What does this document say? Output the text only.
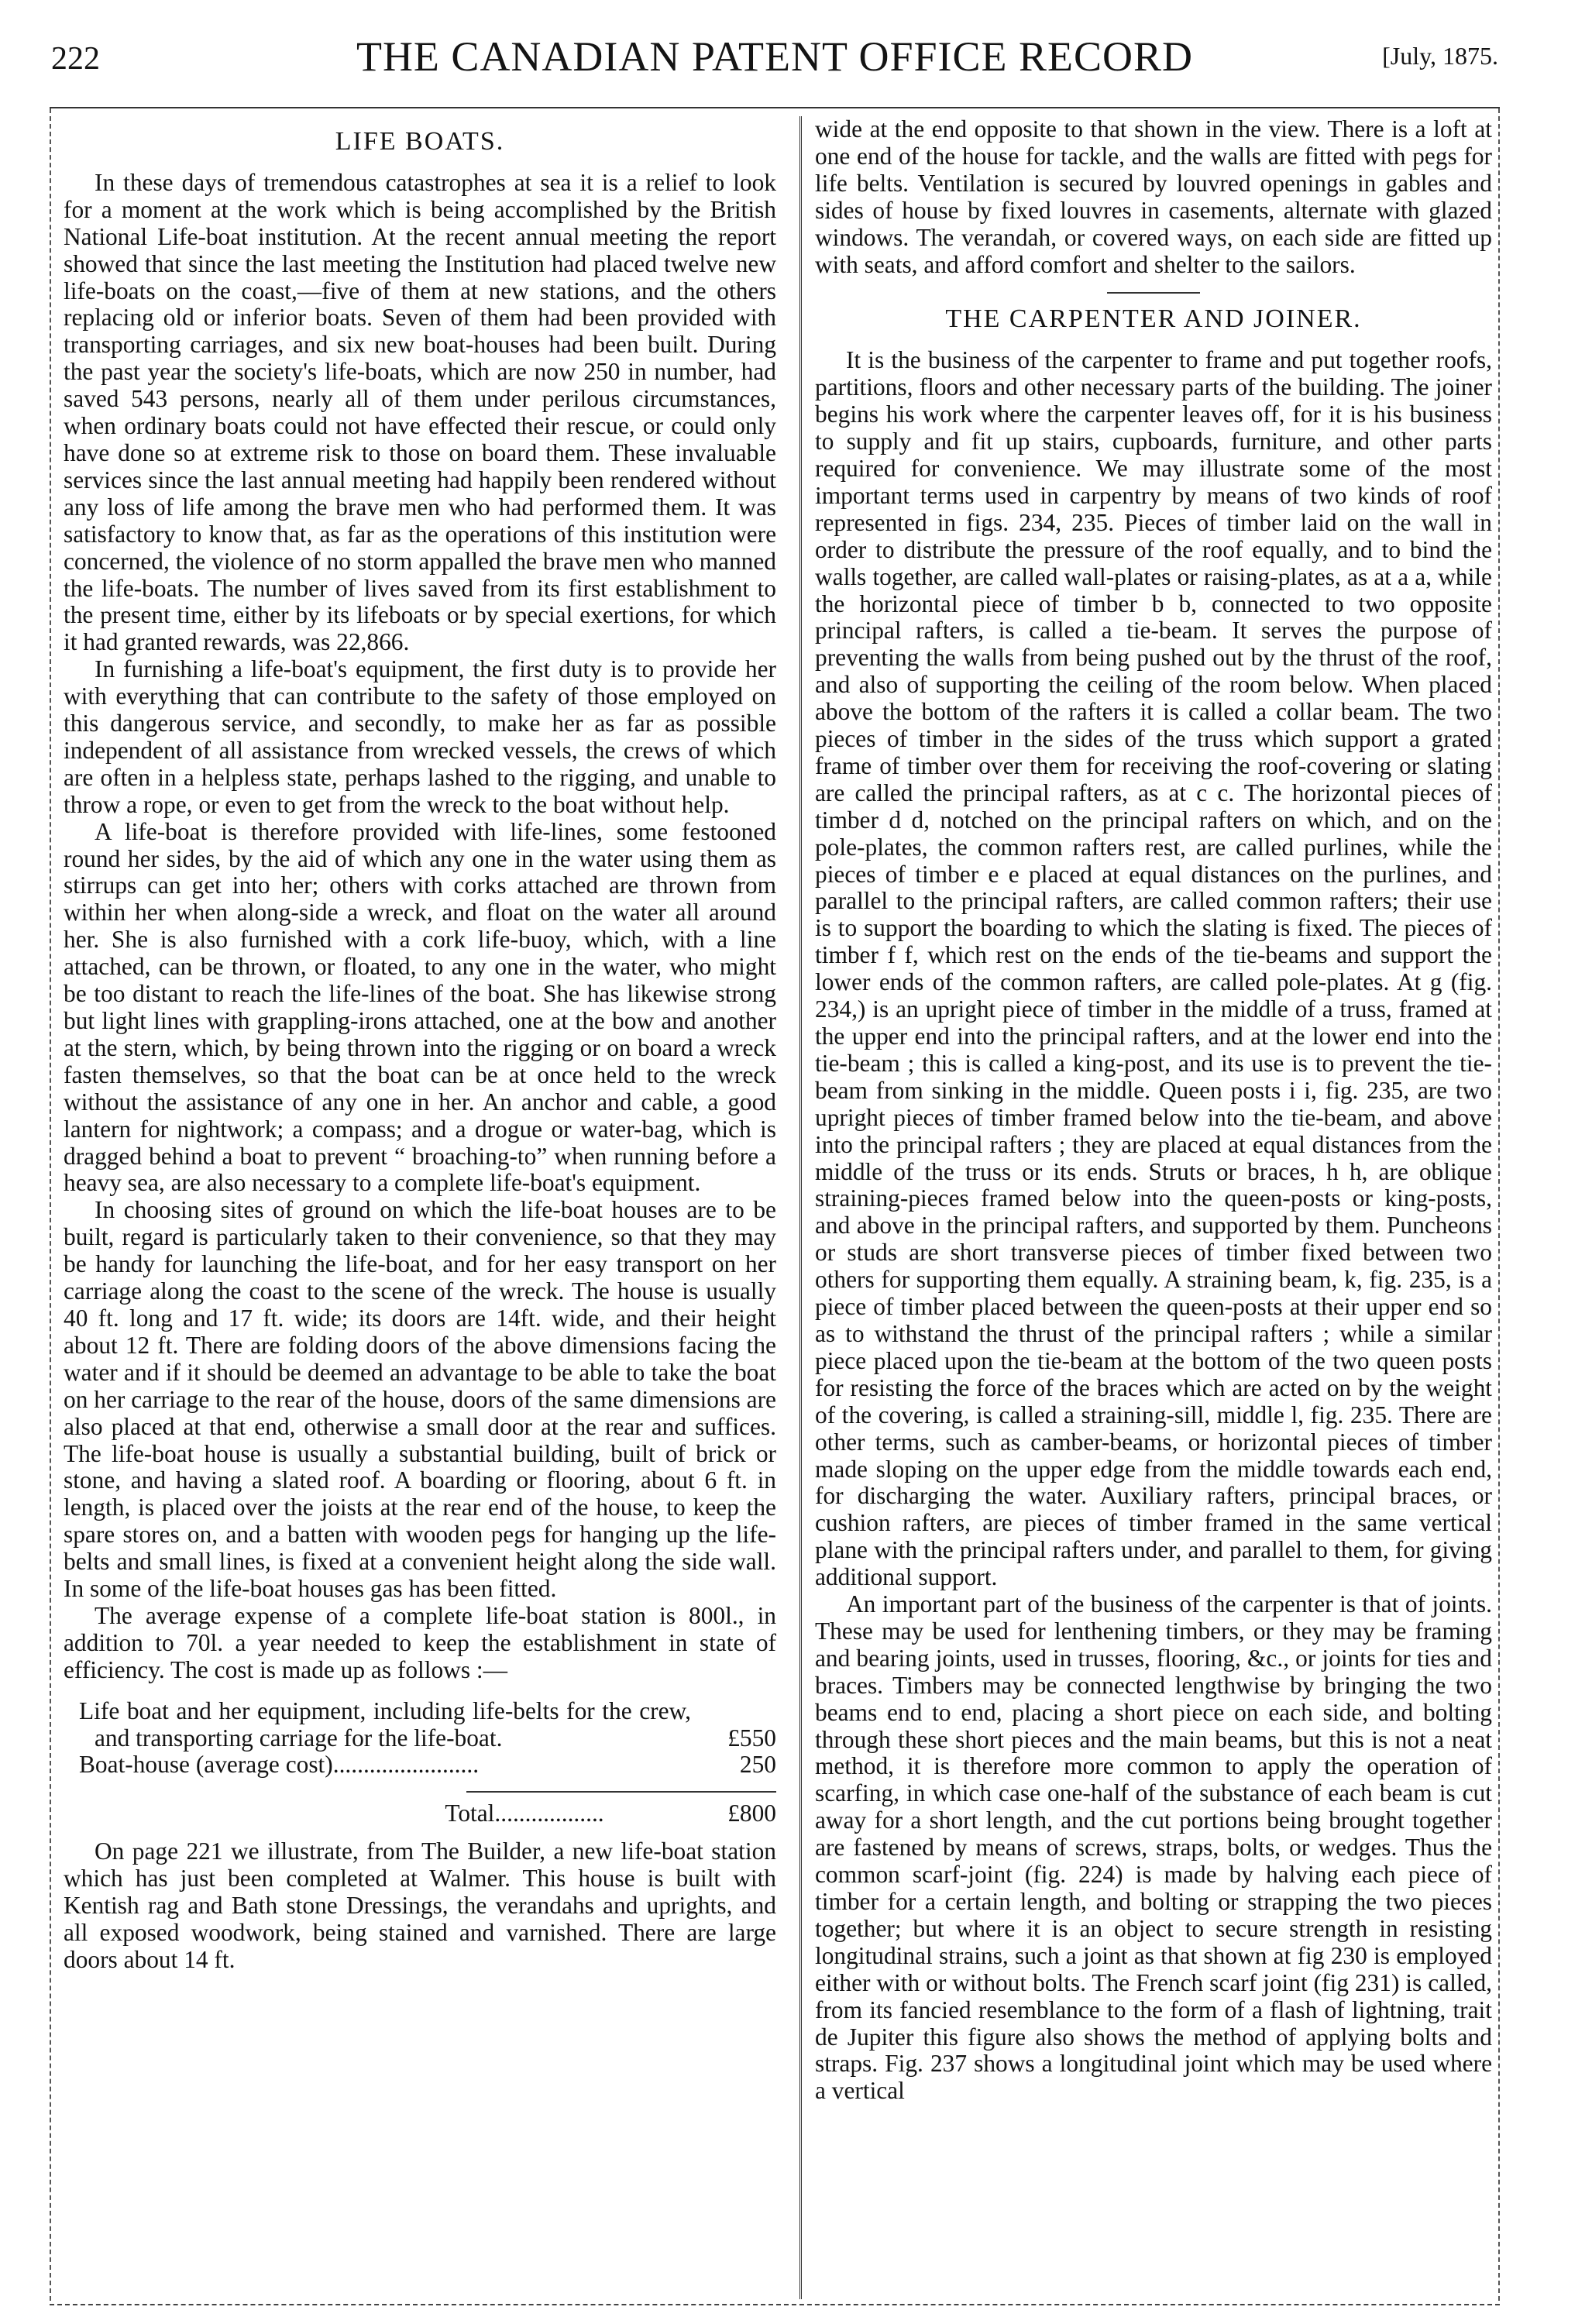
222	THE CANADIAN PATENT OFFICE RECORD	[July, 1875.
LIFE BOATS.

In these days of tremendous catastrophes at sea it is a relief to look for a moment at the work which is being accomplished by the British National Life-boat institution. At the recent annual meeting the report showed that since the last meeting the Institution had placed twelve new life-boats on the coast,—five of them at new stations, and the others replacing old or inferior boats. Seven of them had been provided with transporting carriages, and six new boat-houses had been built. During the past year the society's life-boats, which are now 250 in number, had saved 543 persons, nearly all of them under perilous circumstances, when ordinary boats could not have effected their rescue, or could only have done so at extreme risk to those on board them. These invaluable services since the last annual meeting had happily been rendered without any loss of life among the brave men who had performed them. It was satisfactory to know that, as far as the operations of this institution were concerned, the violence of no storm appalled the brave men who manned the life-boats. The number of lives saved from its first establishment to the present time, either by its lifeboats or by special exertions, for which it had granted rewards, was 22,866.

In furnishing a life-boat's equipment, the first duty is to provide her with everything that can contribute to the safety of those employed on this dangerous service, and secondly, to make her as far as possible independent of all assistance from wrecked vessels, the crews of which are often in a helpless state, perhaps lashed to the rigging, and unable to throw a rope, or even to get from the wreck to the boat without help.

A life-boat is therefore provided with life-lines, some festooned round her sides, by the aid of which any one in the water using them as stirrups can get into her; others with corks attached are thrown from within her when along-side a wreck, and float on the water all around her. She is also furnished with a cork life-buoy, which, with a line attached, can be thrown, or floated, to any one in the water, who might be too distant to reach the life-lines of the boat. She has likewise strong but light lines with grappling-irons attached, one at the bow and another at the stern, which, by being thrown into the rigging or on board a wreck fasten themselves, so that the boat can be at once held to the wreck without the assistance of any one in her. An anchor and cable, a good lantern for nightwork; a compass; and a drogue or water-bag, which is dragged behind a boat to prevent “ broaching-to” when running before a heavy sea, are also necessary to a complete life-boat's equipment.

In choosing sites of ground on which the life-boat houses are to be built, regard is particularly taken to their convenience, so that they may be handy for launching the life-boat, and for her easy transport on her carriage along the coast to the scene of the wreck. The house is usually 40 ft. long and 17 ft. wide; its doors are 14ft. wide, and their height about 12 ft. There are folding doors of the above dimensions facing the water and if it should be deemed an advantage to be able to take the boat on her carriage to the rear of the house, doors of the same dimensions are also placed at that end, otherwise a small door at the rear and suffices. The life-boat house is usually a substantial building, built of brick or stone, and having a slated roof. A boarding or flooring, about 6 ft. in length, is placed over the joists at the rear end of the house, to keep the spare stores on, and a batten with wooden pegs for hanging up the life-belts and small lines, is fixed at a convenient height along the side wall. In some of the life-boat houses gas has been fitted.

The average expense of a complete life-boat station is 800l., in addition to 70l. a year needed to keep the establishment in state of efficiency. The cost is made up as follows :—

Life boat and her equipment, including life-belts for the crew, and transporting carriage for the life-boat.	£550
Boat-house (average cost)........................	250
Total..................	£800

On page 221 we illustrate, from The Builder, a new life-boat station which has just been completed at Walmer. This house is built with Kentish rag and Bath stone Dressings, the verandahs and uprights, and all exposed woodwork, being stained and varnished. There are large doors about 14 ft.

wide at the end opposite to that shown in the view. There is a loft at one end of the house for tackle, and the walls are fitted with pegs for life belts. Ventilation is secured by louvred openings in gables and sides of house by fixed louvres in casements, alternate with glazed windows. The verandah, or covered ways, on each side are fitted up with seats, and afford comfort and shelter to the sailors.

THE CARPENTER AND JOINER.

It is the business of the carpenter to frame and put together roofs, partitions, floors and other necessary parts of the building. The joiner begins his work where the carpenter leaves off, for it is his business to supply and fit up stairs, cupboards, furniture, and other parts required for convenience. We may illustrate some of the most important terms used in carpentry by means of two kinds of roof represented in figs. 234, 235. Pieces of timber laid on the wall in order to distribute the pressure of the roof equally, and to bind the walls together, are called wall-plates or raising-plates, as at a a, while the horizontal piece of timber b b, connected to two opposite principal rafters, is called a tie-beam. It serves the purpose of preventing the walls from being pushed out by the thrust of the roof, and also of supporting the ceiling of the room below. When placed above the bottom of the rafters it is called a collar beam. The two pieces of timber in the sides of the truss which support a grated frame of timber over them for receiving the roof-covering or slating are called the principal rafters, as at c c. The horizontal pieces of timber d d, notched on the principal rafters on which, and on the pole-plates, the common rafters rest, are called purlines, while the pieces of timber e e placed at equal distances on the purlines, and parallel to the principal rafters, are called common rafters; their use is to support the boarding to which the slating is fixed. The pieces of timber f f, which rest on the ends of the tie-beams and support the lower ends of the common rafters, are called pole-plates. At g (fig. 234,) is an upright piece of timber in the middle of a truss, framed at the upper end into the principal rafters, and at the lower end into the tie-beam ; this is called a king-post, and its use is to prevent the tie-beam from sinking in the middle. Queen posts i i, fig. 235, are two upright pieces of timber framed below into the tie-beam, and above into the principal rafters ; they are placed at equal distances from the middle of the truss or its ends. Struts or braces, h h, are oblique straining-pieces framed below into the queen-posts or king-posts, and above in the principal rafters, and supported by them. Puncheons or studs are short transverse pieces of timber fixed between two others for supporting them equally. A straining beam, k, fig. 235, is a piece of timber placed between the queen-posts at their upper end so as to withstand the thrust of the principal rafters ; while a similar piece placed upon the tie-beam at the bottom of the two queen posts for resisting the force of the braces which are acted on by the weight of the covering, is called a straining-sill, middle l, fig. 235. There are other terms, such as camber-beams, or horizontal pieces of timber made sloping on the upper edge from the middle towards each end, for discharging the water. Auxiliary rafters, principal braces, or cushion rafters, are pieces of timber framed in the same vertical plane with the principal rafters under, and parallel to them, for giving additional support.

An important part of the business of the carpenter is that of joints. These may be used for lenthening timbers, or they may be framing and bearing joints, used in trusses, flooring, &c., or joints for ties and braces. Timbers may be connected lengthwise by bringing the two beams end to end, placing a short piece on each side, and bolting through these short pieces and the main beams, but this is not a neat method, it is therefore more common to apply the operation of scarfing, in which case one-half of the substance of each beam is cut away for a short length, and the cut portions being brought together are fastened by means of screws, straps, bolts, or wedges. Thus the common scarf-joint (fig. 224) is made by halving each piece of timber for a certain length, and bolting or strapping the two pieces together; but where it is an object to secure strength in resisting longitudinal strains, such a joint as that shown at fig 230 is employed either with or without bolts. The French scarf joint (fig 231) is called, from its fancied resemblance to the form of a flash of lightning, trait de Jupiter this figure also shows the method of applying bolts and straps. Fig. 237 shows a longitudinal joint which may be used where a vertical
